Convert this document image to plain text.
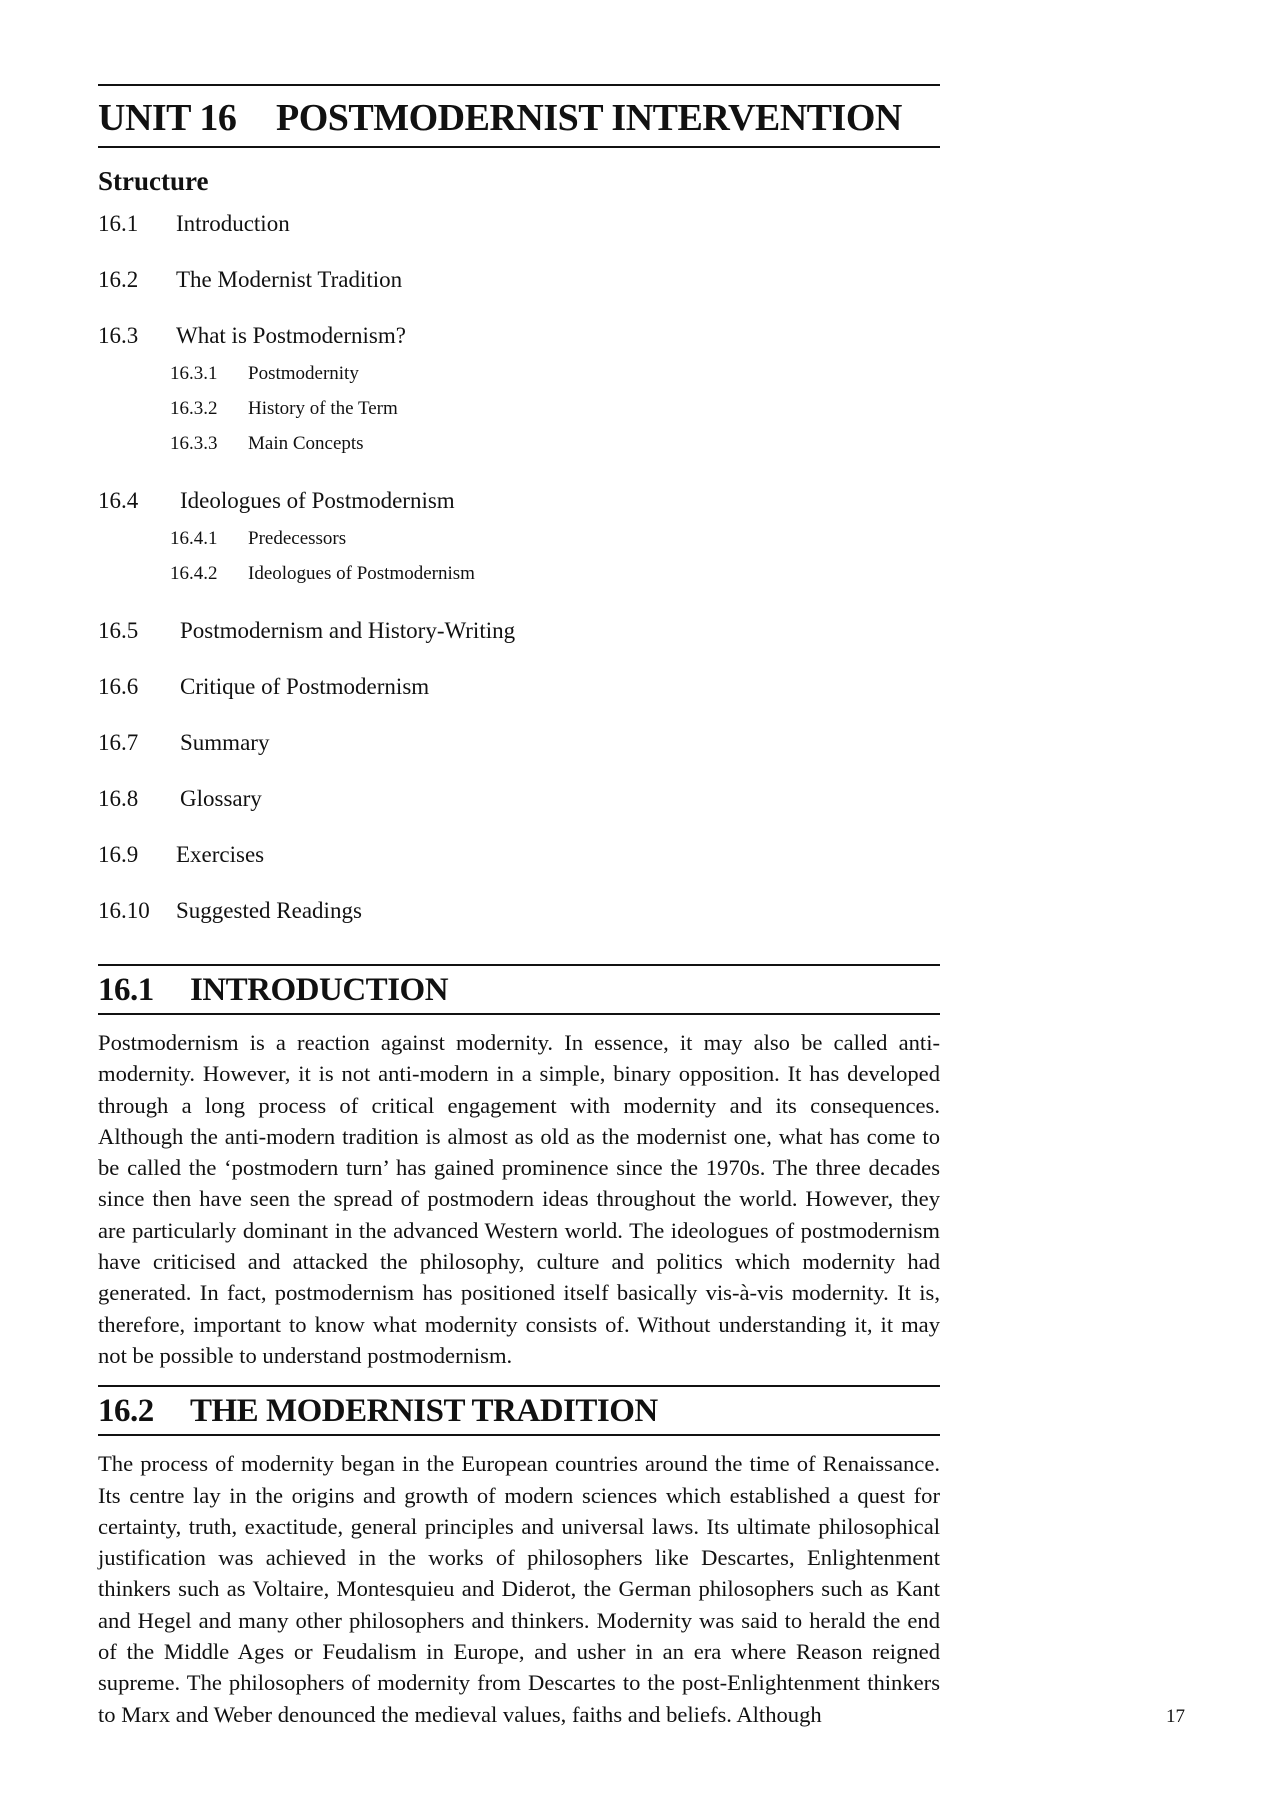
UNIT 16 POSTMODERNIST INTERVENTION
Structure
16.1	Introduction
16.2	The Modernist Tradition
16.3	What is Postmodernism?
16.3.1	Postmodernity
16.3.2	History of the Term
16.3.3	Main Concepts
16.4	Ideologues of Postmodernism
16.4.1	Predecessors
16.4.2	Ideologues of Postmodernism
16.5	Postmodernism and History-Writing
16.6	Critique of Postmodernism
16.7	Summary
16.8	Glossary
16.9	Exercises
16.10	Suggested Readings
16.1 INTRODUCTION

Postmodernism is a reaction against modernity. In essence, it may also be called anti-modernity. However, it is not anti-modern in a simple, binary opposition. It has developed through a long process of critical engagement with modernity and its consequences. Although the anti-modern tradition is almost as old as the modernist one, what has come to be called the ‘postmodern turn’ has gained prominence since the 1970s. The three decades since then have seen the spread of postmodern ideas throughout the world. However, they are particularly dominant in the advanced Western world. The ideologues of postmodernism have criticised and attacked the philosophy, culture and politics which modernity had generated. In fact, postmodernism has positioned itself basically vis-à-vis modernity. It is, therefore, important to know what modernity consists of. Without understanding it, it may not be possible to understand postmodernism.

16.2 THE MODERNIST TRADITION

The process of modernity began in the European countries around the time of Renaissance. Its centre lay in the origins and growth of modern sciences which established a quest for certainty, truth, exactitude, general principles and universal laws. Its ultimate philosophical justification was achieved in the works of philosophers like Descartes, Enlightenment thinkers such as Voltaire, Montesquieu and Diderot, the German philosophers such as Kant and Hegel and many other philosophers and thinkers. Modernity was said to herald the end of the Middle Ages or Feudalism in Europe, and usher in an era where Reason reigned supreme. The philosophers of modernity from Descartes to the post-Enlightenment thinkers to Marx and Weber denounced the medieval values, faiths and beliefs. Although	17
